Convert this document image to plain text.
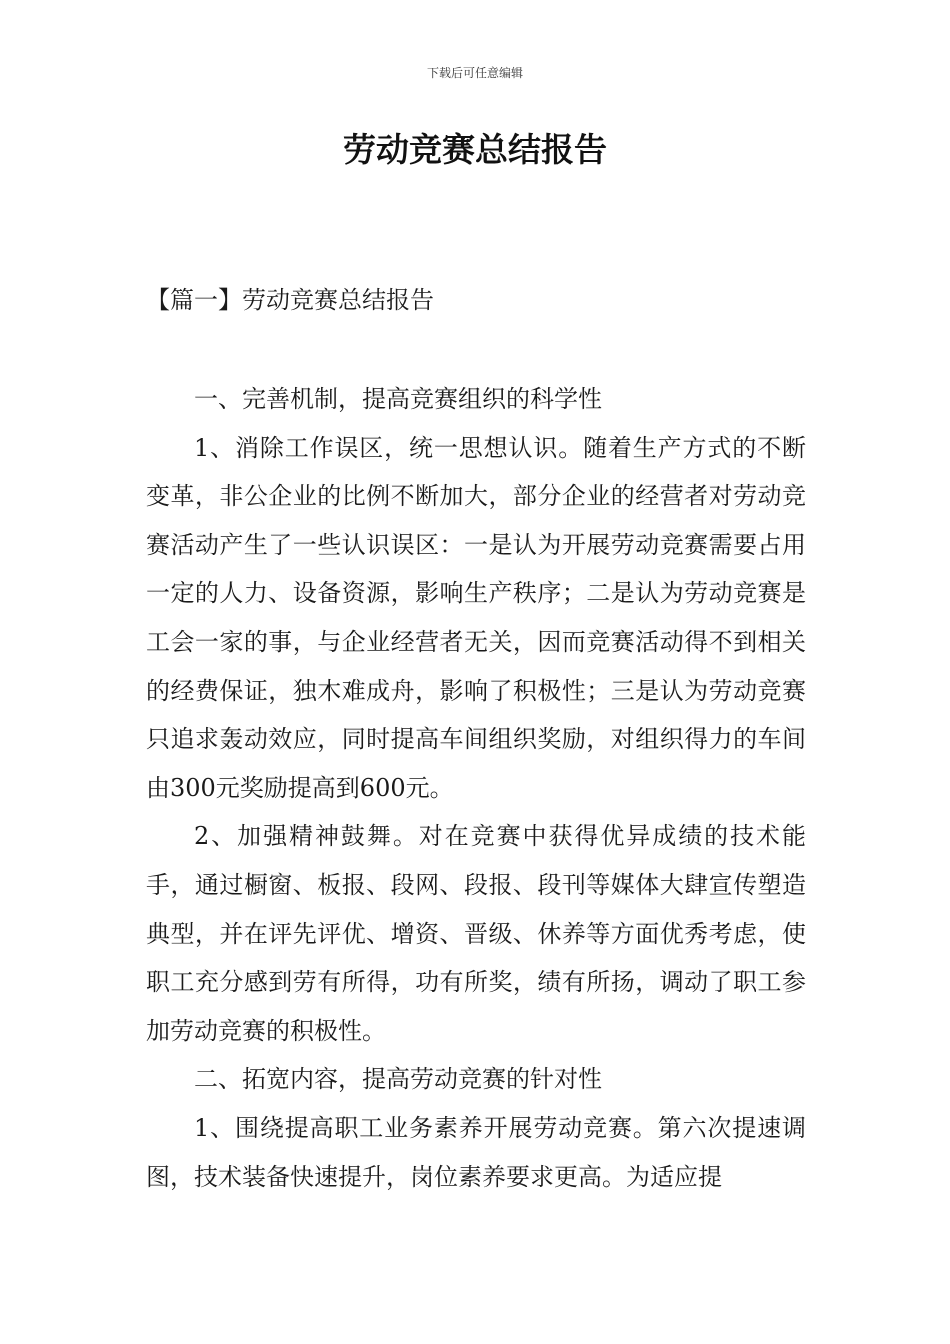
下载后可任意编辑
劳动竞赛总结报告
【篇一】劳动竞赛总结报告

一、完善机制，提高竞赛组织的科学性

1、消除工作误区，统一思想认识。随着生产方式的不断变革，非公企业的比例不断加大，部分企业的经营者对劳动竞赛活动产生了一些认识误区：一是认为开展劳动竞赛需要占用一定的人力、设备资源，影响生产秩序；二是认为劳动竞赛是工会一家的事，与企业经营者无关，因而竞赛活动得不到相关的经费保证，独木难成舟，影响了积极性；三是认为劳动竞赛只追求轰动效应，同时提高车间组织奖励，对组织得力的车间由300元奖励提高到600元。

2、加强精神鼓舞。对在竞赛中获得优异成绩的技术能手，通过橱窗、板报、段网、段报、段刊等媒体大肆宣传塑造典型，并在评先评优、增资、晋级、休养等方面优秀考虑，使职工充分感到劳有所得，功有所奖，绩有所扬，调动了职工参加劳动竞赛的积极性。

二、拓宽内容，提高劳动竞赛的针对性

1、围绕提高职工业务素养开展劳动竞赛。第六次提速调图，技术装备快速提升，岗位素养要求更高。为适应提
